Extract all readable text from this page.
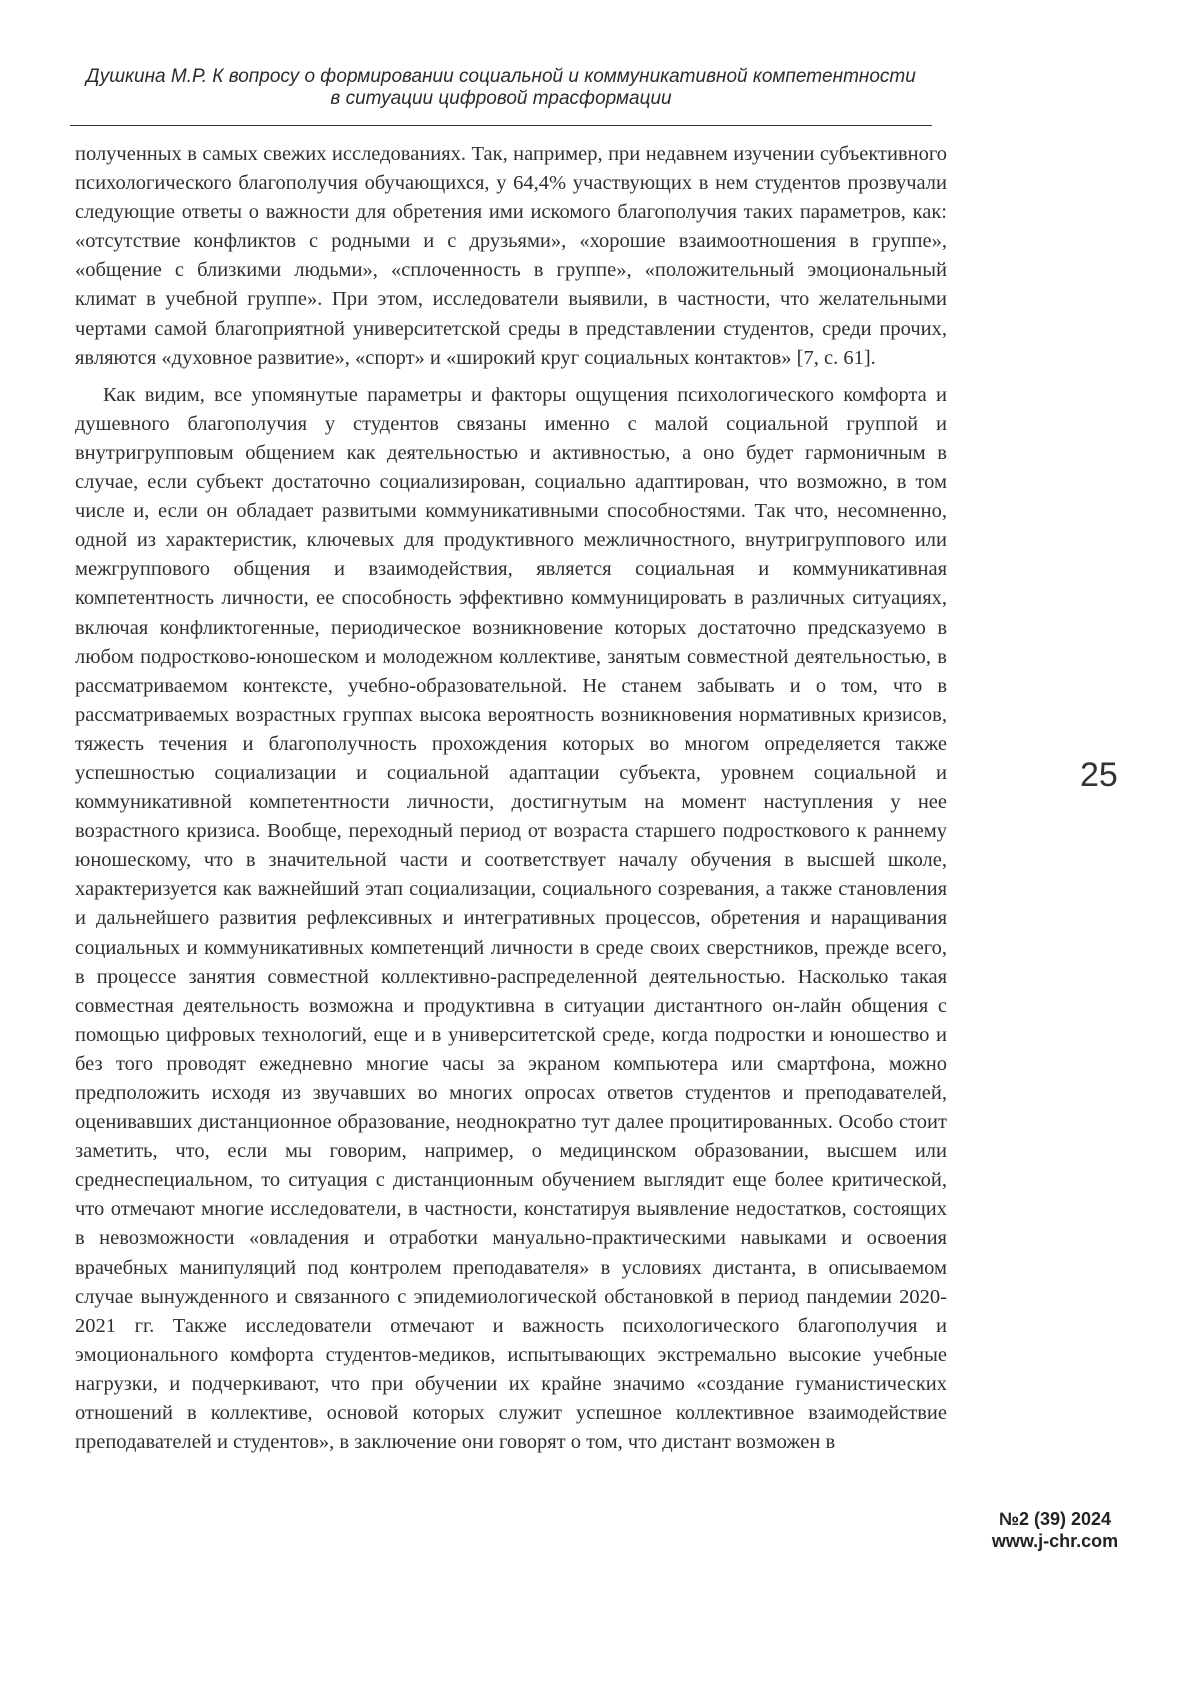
Душкина М.Р. К вопросу о формировании социальной и коммуникативной компетентности
в ситуации цифровой трасформации

полученных в самых свежих исследованиях. Так, например, при недавнем изучении субъективного психологического благополучия обучающихся, у 64,4% участвующих в нем студентов прозвучали следующие ответы о важности для обретения ими искомого благополучия таких параметров, как: «отсутствие конфликтов с родными и с друзьями», «хорошие взаимоотношения в группе», «общение с близкими людьми», «сплоченность в группе», «положительный эмоциональный климат в учебной группе». При этом, исследователи выявили, в частности, что желательными чертами самой благоприятной университетской среды в представлении студентов, среди прочих, являются «духовное развитие», «спорт» и «широкий круг социальных контактов» [7, с. 61].

Как видим, все упомянутые параметры и факторы ощущения психологического комфорта и душевного благополучия у студентов связаны именно с малой социальной группой и внутригрупповым общением как деятельностью и активностью, а оно будет гармоничным в случае, если субъект достаточно социализирован, социально адаптирован, что возможно, в том числе и, если он обладает развитыми коммуникативными способностями. Так что, несомненно, одной из характеристик, ключевых для продуктивного межличностного, внутригруппового или межгруппового общения и взаимодействия, является социальная и коммуникативная компетентность личности, ее способность эффективно коммуницировать в различных ситуациях, включая конфликтогенные, периодическое возникновение которых достаточно предсказуемо в любом подростково-юношеском и молодежном коллективе, занятым совместной деятельностью, в рассматриваемом контексте, учебно-образовательной. Не станем забывать и о том, что в рассматриваемых возрастных группах высока вероятность возникновения нормативных кризисов, тяжесть течения и благополучность прохождения которых во многом определяется также успешностью социализации и социальной адаптации субъекта, уровнем социальной и коммуникативной компетентности личности, достигнутым на момент наступления у нее возрастного кризиса. Вообще, переходный период от возраста старшего подросткового к раннему юношескому, что в значительной части и соответствует началу обучения в высшей школе, характеризуется как важнейший этап социализации, социального созревания, а также становления и дальнейшего развития рефлексивных и интегративных процессов, обретения и наращивания социальных и коммуникативных компетенций личности в среде своих сверстников, прежде всего, в процессе занятия совместной коллективно-распределенной деятельностью. Насколько такая совместная деятельность возможна и продуктивна в ситуации дистантного он-лайн общения с помощью цифровых технологий, еще и в университетской среде, когда подростки и юношество и без того проводят ежедневно многие часы за экраном компьютера или смартфона, можно предположить исходя из звучавших во многих опросах ответов студентов и преподавателей, оценивавших дистанционное образование, неоднократно тут далее процитированных. Особо стоит заметить, что, если мы говорим, например, о медицинском образовании, высшем или среднеспециальном, то ситуация с дистанционным обучением выглядит еще более критической, что отмечают многие исследователи, в частности, констатируя выявление недостатков, состоящих в невозможности «овладения и отработки мануально-практическими навыками и освоения врачебных манипуляций под контролем преподавателя» в условиях дистанта, в описываемом случае вынужденного и связанного с эпидемиологической обстановкой в период пандемии 2020-2021 гг. Также исследователи отмечают и важность психологического благополучия и эмоционального комфорта студентов-медиков, испытывающих экстремально высокие учебные нагрузки, и подчеркивают, что при обучении их крайне значимо «создание гуманистических отношений в коллективе, основой которых служит успешное коллективное взаимодействие преподавателей и студентов», в заключение они говорят о том, что дистант возможен в

25
№2 (39) 2024
www.j-chr.com
